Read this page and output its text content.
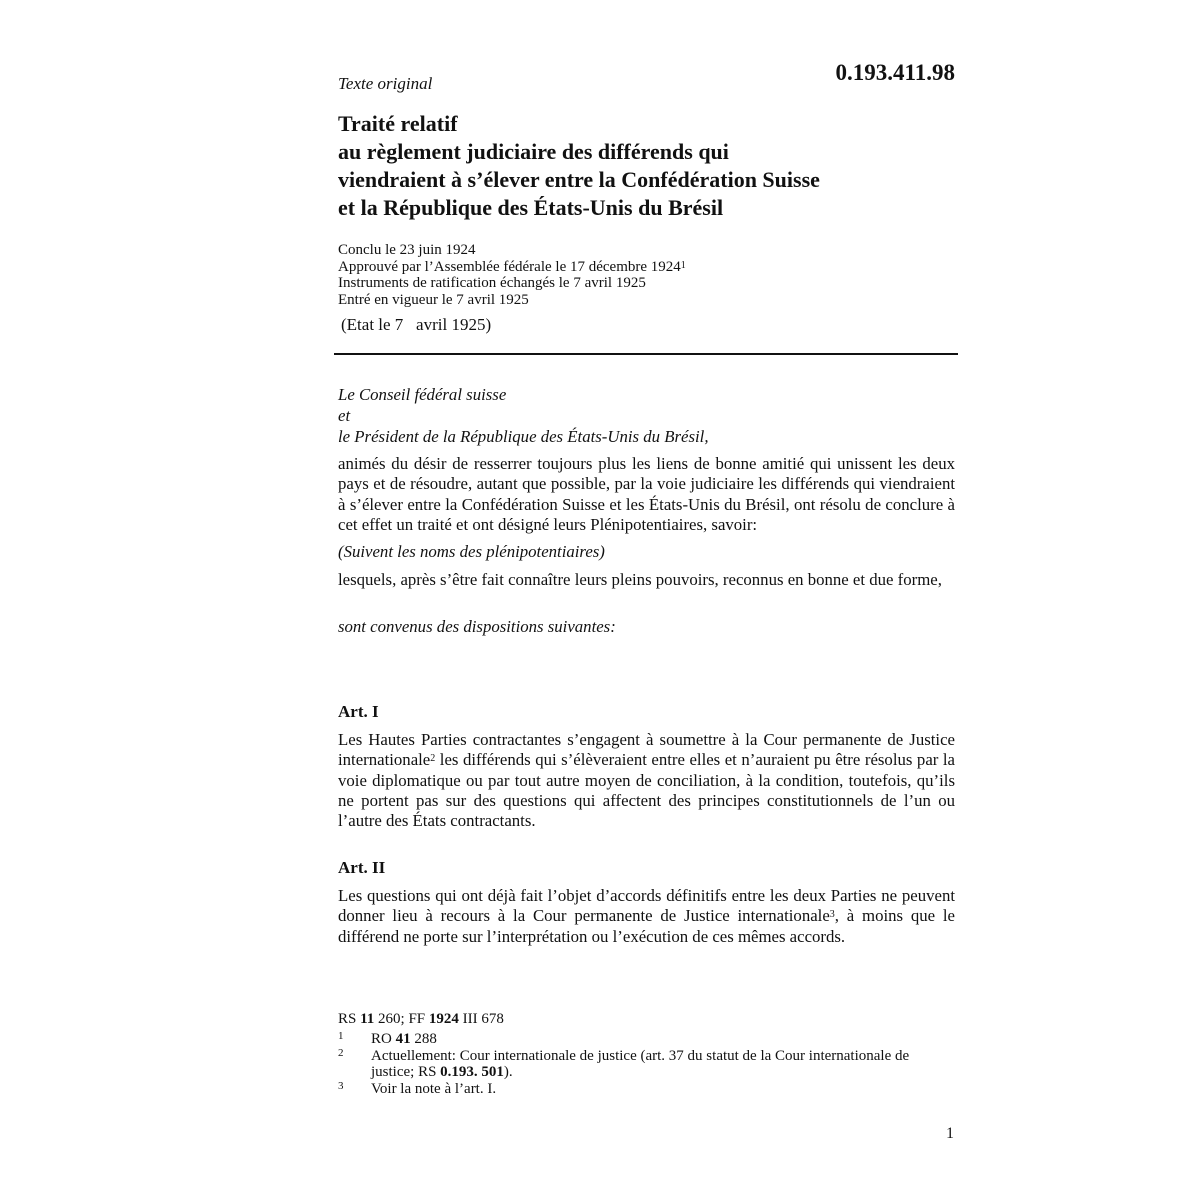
Texte original	0.193.411.98
Traité relatif
au règlement judiciaire des différends qui
viendraient à s’élever entre la Confédération Suisse
et la République des États-Unis du Brésil
Conclu le 23 juin 1924
Approuvé par l’Assemblée fédérale le 17 décembre 1924$^1$
Instruments de ratification échangés le 7 avril 1925
Entré en vigueur le 7 avril 1925
(Etat le 7   avril 1925)
Le Conseil fédéral suisse
et
le Président de la République des États-Unis du Brésil,

animés du désir de resserrer toujours plus les liens de bonne amitié qui unissent les deux pays et de résoudre, autant que possible, par la voie judiciaire les différends qui viendraient à s’élever entre la Confédération Suisse et les États-Unis du Brésil, ont résolu de conclure à cet effet un traité et ont désigné leurs Plénipotentiaires, savoir:

(Suivent les noms des plénipotentiaires)

lesquels, après s’être fait connaître leurs pleins pouvoirs, reconnus en bonne et due forme,

sont convenus des dispositions suivantes:

Art. I

Les Hautes Parties contractantes s’engagent à soumettre à la Cour permanente de Justice internationale$^2$ les différends qui s’élèveraient entre elles et n’auraient pu être résolus par la voie diplomatique ou par tout autre moyen de conciliation, à la condition, toutefois, qu’ils ne portent pas sur des questions qui affectent des principes constitutionnels de l’un ou l’autre des États contractants.

Art. II

Les questions qui ont déjà fait l’objet d’accords définitifs entre les deux Parties ne peuvent donner lieu à recours à la Cour permanente de Justice internationale$^3$, à moins que le différend ne porte sur l’interprétation ou l’exécution de ces mêmes accords.

RS 11 260; FF 1924 III 678
1 RO 41 288
2 Actuellement: Cour internationale de justice (art. 37 du statut de la Cour internationale de justice; RS 0.193. 501).
3 Voir la note à l’art. I.
1
